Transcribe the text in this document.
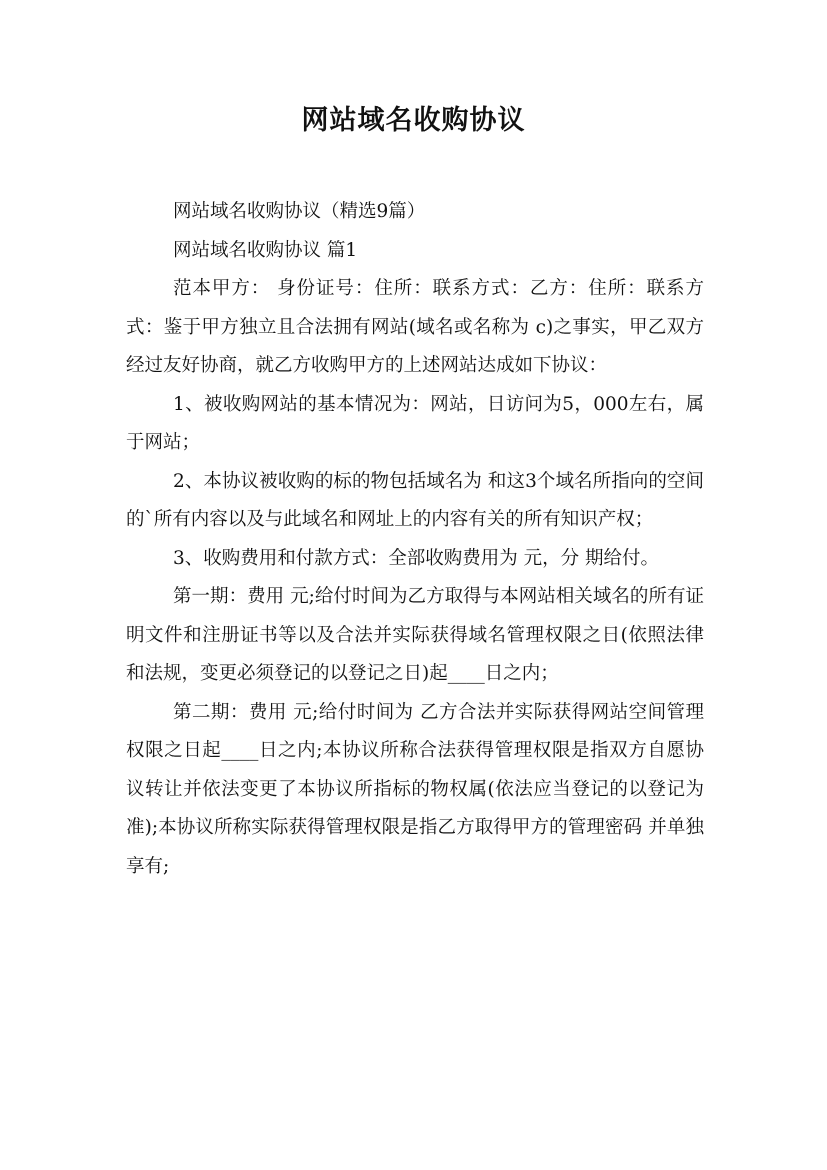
网站域名收购协议

网站域名收购协议（精选9篇）

网站域名收购协议 篇1

范本甲方： 身份证号：住所：联系方式：乙方：住所：联系方式：鉴于甲方独立且合法拥有网站(域名或名称为 c)之事实，甲乙双方经过友好协商，就乙方收购甲方的上述网站达成如下协议：

1、被收购网站的基本情况为：网站，日访问为5，000左右，属于网站；

2、本协议被收购的标的物包括域名为 和这3个域名所指向的空间的`所有内容以及与此域名和网址上的内容有关的所有知识产权；

3、收购费用和付款方式：全部收购费用为 元，分 期给付。

第一期：费用 元;给付时间为乙方取得与本网站相关域名的所有证明文件和注册证书等以及合法并实际获得域名管理权限之日(依照法律和法规，变更必须登记的以登记之日)起____日之内；

第二期：费用 元;给付时间为 乙方合法并实际获得网站空间管理权限之日起____日之内;本协议所称合法获得管理权限是指双方自愿协议转让并依法变更了本协议所指标的物权属(依法应当登记的以登记为准);本协议所称实际获得管理权限是指乙方取得甲方的管理密码 并单独享有;
